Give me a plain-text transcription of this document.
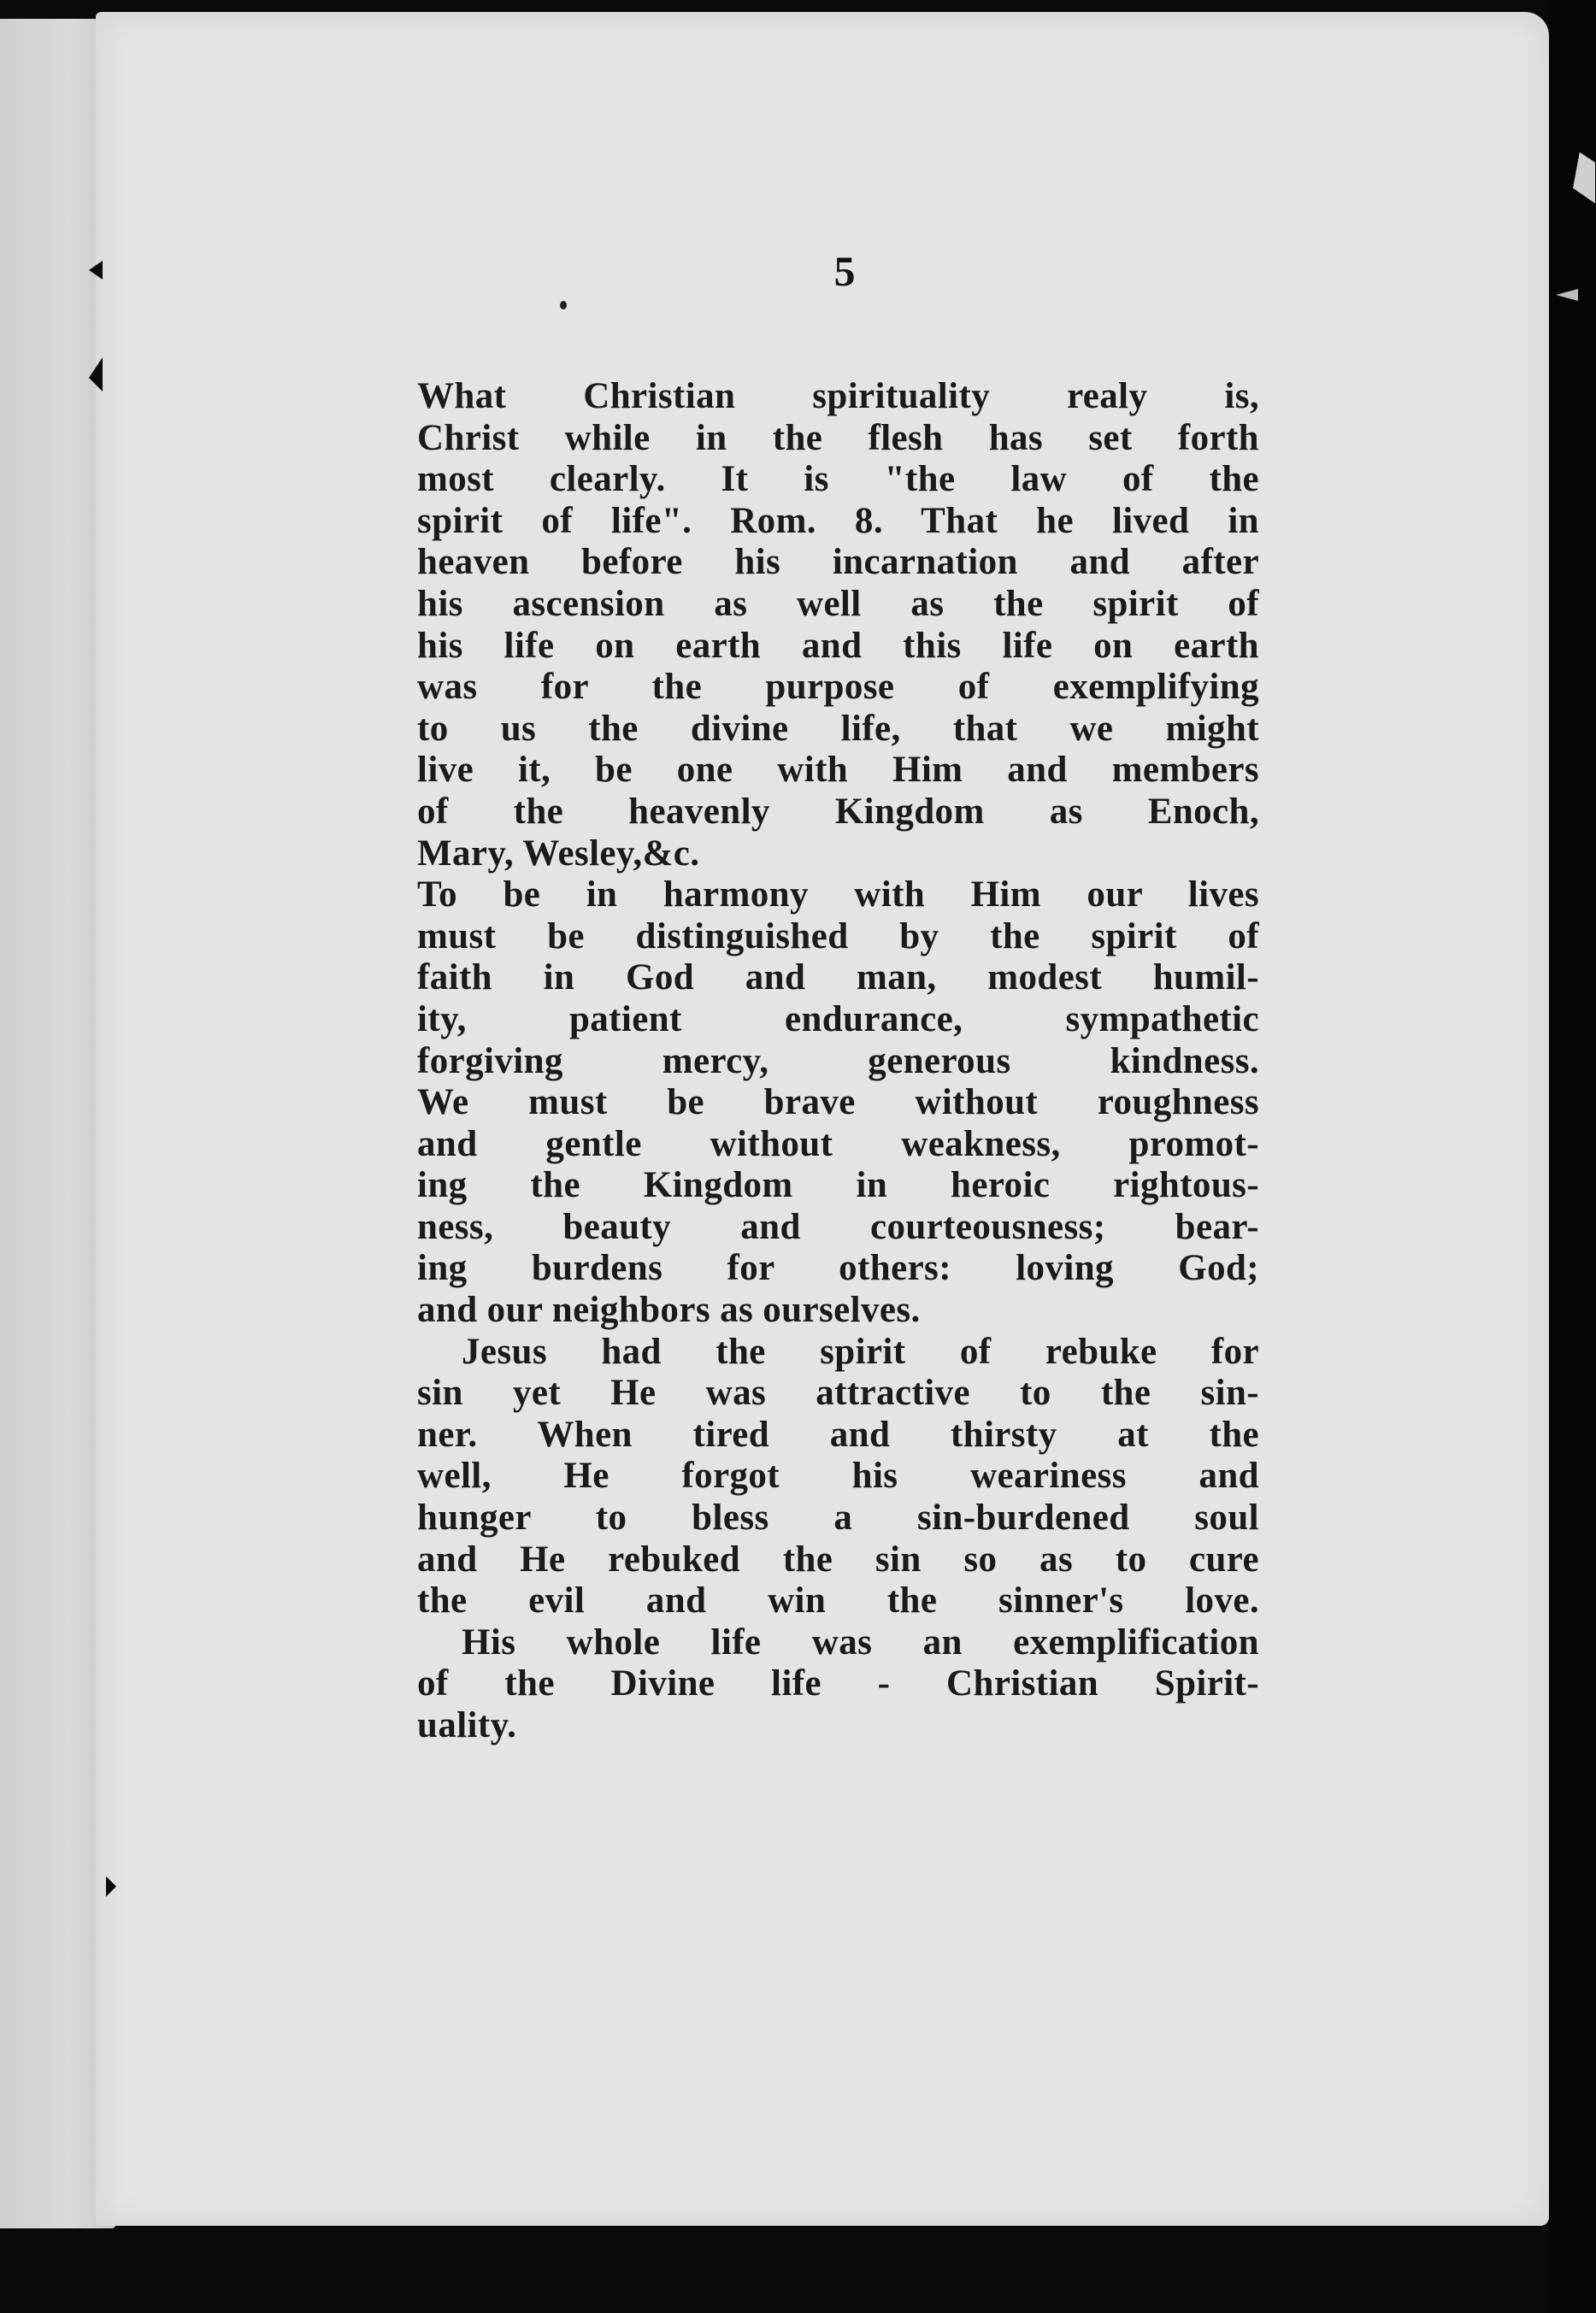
5
What Christian spirituality realy is,
Christ while in the flesh has set forth
most clearly. It is "the law of the
spirit of life". Rom. 8. That he lived in
heaven before his incarnation and after
his ascension as well as the spirit of
his life on earth and this life on earth
was for the purpose of exemplifying
to us the divine life, that we might
live it, be one with Him and members
of the heavenly Kingdom as Enoch,
Mary, Wesley,&c.
To be in harmony with Him our lives
must be distinguished by the spirit of
faith in God and man, modest humil-
ity, patient endurance, sympathetic
forgiving mercy, generous kindness.
We must be brave without roughness
and gentle without weakness, promot-
ing the Kingdom in heroic rightous-
ness, beauty and courteousness; bear-
ing burdens for others: loving God;
and our neighbors as ourselves.
Jesus had the spirit of rebuke for
sin yet He was attractive to the sin-
ner. When tired and thirsty at the
well, He forgot his weariness and
hunger to bless a sin-burdened soul
and He rebuked the sin so as to cure
the evil and win the sinner's love.
His whole life was an exemplification
of the Divine life - Christian Spirit-
uality.
